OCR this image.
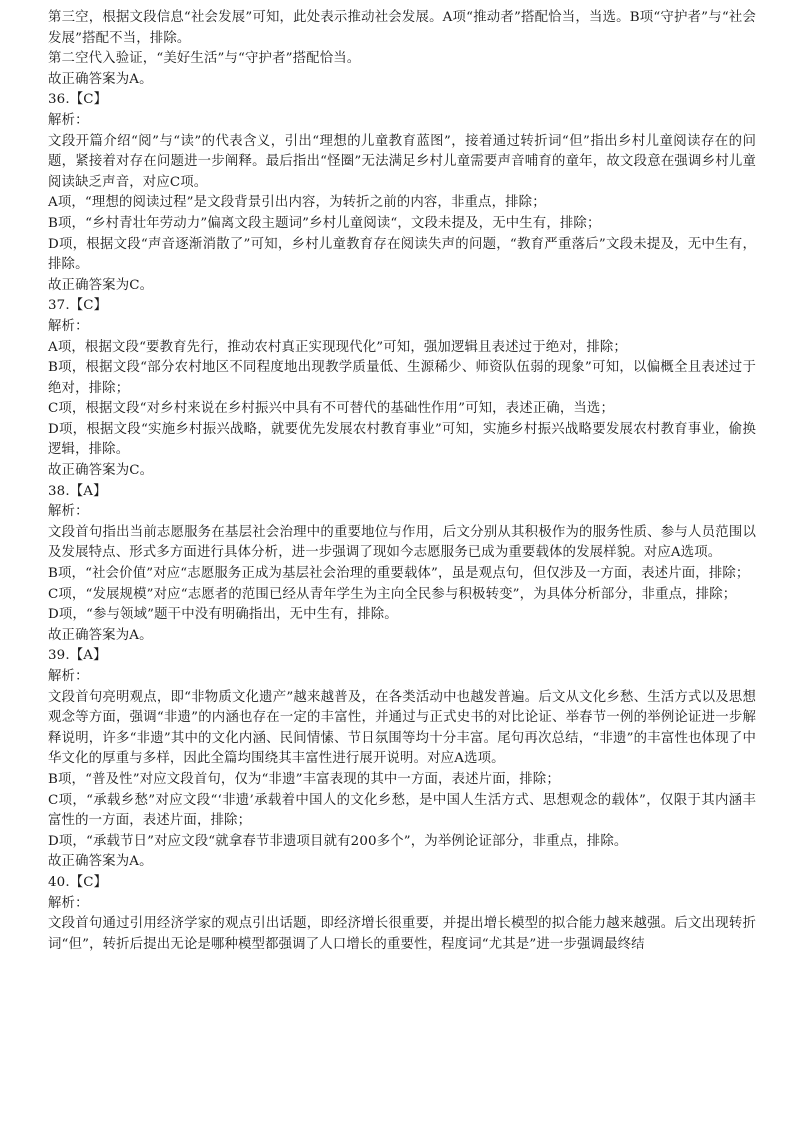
第三空，根据文段信息“社会发展”可知，此处表示推动社会发展。A项“推动者”搭配恰当，当选。B项“守护者”与“社会发展”搭配不当，排除。
第二空代入验证，“美好生活”与“守护者”搭配恰当。
故正确答案为A。
36.【C】
解析：
文段开篇介绍“阅”与“读”的代表含义，引出“理想的儿童教育蓝图”，接着通过转折词“但”指出乡村儿童阅读存在的问题，紧接着对存在问题进一步阐释。最后指出“怪圈”无法满足乡村儿童需要声音哺育的童年，故文段意在强调乡村儿童阅读缺乏声音，对应C项。
A项，“理想的阅读过程”是文段背景引出内容，为转折之前的内容，非重点，排除；
B项，“乡村青壮年劳动力”偏离文段主题词”乡村儿童阅读“，文段未提及，无中生有，排除；
D项，根据文段“声音逐渐消散了”可知，乡村儿童教育存在阅读失声的问题，“教育严重落后”文段未提及，无中生有，排除。
故正确答案为C。
37.【C】
解析：
A项，根据文段“要教育先行，推动农村真正实现现代化”可知，强加逻辑且表述过于绝对，排除；
B项，根据文段“部分农村地区不同程度地出现教学质量低、生源稀少、师资队伍弱的现象”可知，以偏概全且表述过于绝对，排除；
C项，根据文段“对乡村来说在乡村振兴中具有不可替代的基础性作用”可知，表述正确，当选；
D项，根据文段“实施乡村振兴战略，就要优先发展农村教育事业”可知，实施乡村振兴战略要发展农村教育事业，偷换逻辑，排除。
故正确答案为C。
38.【A】
解析：
文段首句指出当前志愿服务在基层社会治理中的重要地位与作用，后文分别从其积极作为的服务性质、参与人员范围以及发展特点、形式多方面进行具体分析，进一步强调了现如今志愿服务已成为重要载体的发展样貌。对应A选项。
B项，“社会价值”对应“志愿服务正成为基层社会治理的重要载体”，虽是观点句，但仅涉及一方面，表述片面，排除；
C项，“发展规模”对应“志愿者的范围已经从青年学生为主向全民参与积极转变”，为具体分析部分，非重点，排除；
D项，“参与领域”题干中没有明确指出，无中生有，排除。
故正确答案为A。
39.【A】
解析：
文段首句亮明观点，即“非物质文化遗产”越来越普及，在各类活动中也越发普遍。后文从文化乡愁、生活方式以及思想观念等方面，强调“非遗”的内涵也存在一定的丰富性，并通过与正式史书的对比论证、举春节一例的举例论证进一步解释说明，许多“非遗”其中的文化内涵、民间情愫、节日氛围等均十分丰富。尾句再次总结，“非遗”的丰富性也体现了中华文化的厚重与多样，因此全篇均围绕其丰富性进行展开说明。对应A选项。
B项，“普及性”对应文段首句，仅为“非遗”丰富表现的其中一方面，表述片面，排除；
C项，“承载乡愁”对应文段“‘非遗’承载着中国人的文化乡愁，是中国人生活方式、思想观念的载体”，仅限于其内涵丰富性的一方面，表述片面，排除；
D项，“承载节日”对应文段“就拿春节非遗项目就有200多个”，为举例论证部分，非重点，排除。
故正确答案为A。
40.【C】
解析：
文段首句通过引用经济学家的观点引出话题，即经济增长很重要，并提出增长模型的拟合能力越来越强。后文出现转折词“但”，转折后提出无论是哪种模型都强调了人口增长的重要性，程度词“尤其是”进一步强调最终结
